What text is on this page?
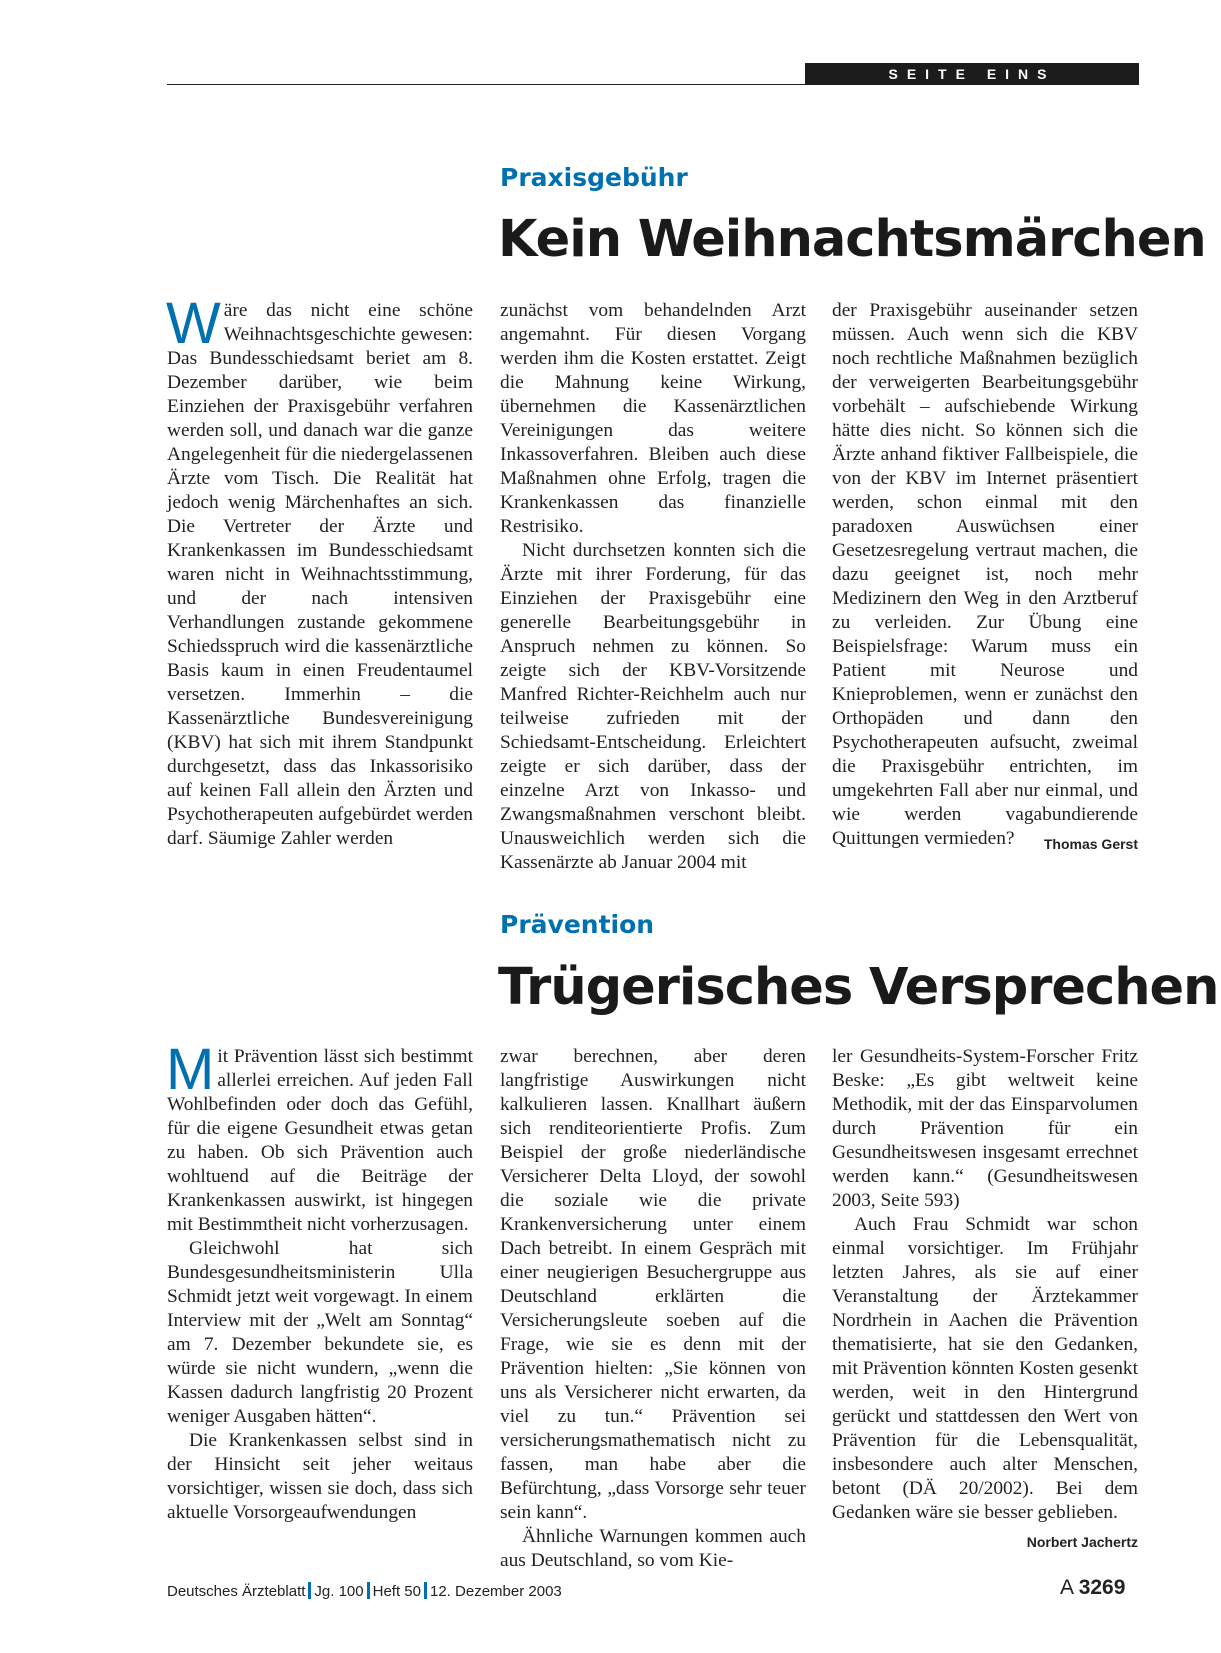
SEITE EINS
Praxisgebühr
Kein Weihnachtsmärchen

Wäre das nicht eine schöne Weihnachtsgeschichte gewesen: Das Bundesschiedsamt beriet am 8. Dezember darüber, wie beim Einziehen der Praxisgebühr verfahren werden soll, und danach war die ganze Angelegenheit für die niedergelassenen Ärzte vom Tisch. Die Realität hat jedoch wenig Märchenhaftes an sich. Die Vertreter der Ärzte und Krankenkassen im Bundesschiedsamt waren nicht in Weihnachtsstimmung, und der nach intensiven Verhandlungen zustande gekommene Schiedsspruch wird die kassenärztliche Basis kaum in einen Freudentaumel versetzen. Immerhin – die Kassenärztliche Bundesvereinigung (KBV) hat sich mit ihrem Standpunkt durchgesetzt, dass das Inkassorisiko auf keinen Fall allein den Ärzten und Psychotherapeuten aufgebürdet werden darf. Säumige Zahler werden

zunächst vom behandelnden Arzt angemahnt. Für diesen Vorgang werden ihm die Kosten erstattet. Zeigt die Mahnung keine Wirkung, übernehmen die Kassenärztlichen Vereinigungen das weitere Inkassoverfahren. Bleiben auch diese Maßnahmen ohne Erfolg, tragen die Krankenkassen das finanzielle Restrisiko.

Nicht durchsetzen konnten sich die Ärzte mit ihrer Forderung, für das Einziehen der Praxisgebühr eine generelle Bearbeitungsgebühr in Anspruch nehmen zu können. So zeigte sich der KBV-Vorsitzende Manfred Richter-Reichhelm auch nur teilweise zufrieden mit der Schiedsamt-Entscheidung. Erleichtert zeigte er sich darüber, dass der einzelne Arzt von Inkasso- und Zwangsmaßnahmen verschont bleibt. Unausweichlich werden sich die Kassenärzte ab Januar 2004 mit

der Praxisgebühr auseinander setzen müssen. Auch wenn sich die KBV noch rechtliche Maßnahmen bezüglich der verweigerten Bearbeitungsgebühr vorbehält – aufschiebende Wirkung hätte dies nicht. So können sich die Ärzte anhand fiktiver Fallbeispiele, die von der KBV im Internet präsentiert werden, schon einmal mit den paradoxen Auswüchsen einer Gesetzesregelung vertraut machen, die dazu geeignet ist, noch mehr Medizinern den Weg in den Arztberuf zu verleiden. Zur Übung eine Beispielsfrage: Warum muss ein Patient mit Neurose und Knieproblemen, wenn er zunächst den Orthopäden und dann den Psychotherapeuten aufsucht, zweimal die Praxisgebühr entrichten, im umgekehrten Fall aber nur einmal, und wie werden vagabundierende Quittungen vermieden? Thomas Gerst

Prävention
Trügerisches Versprechen

Mit Prävention lässt sich bestimmt allerlei erreichen. Auf jeden Fall Wohlbefinden oder doch das Gefühl, für die eigene Gesundheit etwas getan zu haben. Ob sich Prävention auch wohltuend auf die Beiträge der Krankenkassen auswirkt, ist hingegen mit Bestimmtheit nicht vorherzusagen.

Gleichwohl hat sich Bundesgesundheitsministerin Ulla Schmidt jetzt weit vorgewagt. In einem Interview mit der „Welt am Sonntag“ am 7. Dezember bekundete sie, es würde sie nicht wundern, „wenn die Kassen dadurch langfristig 20 Prozent weniger Ausgaben hätten“.

Die Krankenkassen selbst sind in der Hinsicht seit jeher weitaus vorsichtiger, wissen sie doch, dass sich aktuelle Vorsorgeaufwendungen

zwar berechnen, aber deren langfristige Auswirkungen nicht kalkulieren lassen. Knallhart äußern sich renditeorientierte Profis. Zum Beispiel der große niederländische Versicherer Delta Lloyd, der sowohl die soziale wie die private Krankenversicherung unter einem Dach betreibt. In einem Gespräch mit einer neugierigen Besuchergruppe aus Deutschland erklärten die Versicherungsleute soeben auf die Frage, wie sie es denn mit der Prävention hielten: „Sie können von uns als Versicherer nicht erwarten, da viel zu tun.“ Prävention sei versicherungsmathematisch nicht zu fassen, man habe aber die Befürchtung, „dass Vorsorge sehr teuer sein kann“.

Ähnliche Warnungen kommen auch aus Deutschland, so vom Kie-

ler Gesundheits-System-Forscher Fritz Beske: „Es gibt weltweit keine Methodik, mit der das Einsparvolumen durch Prävention für ein Gesundheitswesen insgesamt errechnet werden kann.“ (Gesundheitswesen 2003, Seite 593)

Auch Frau Schmidt war schon einmal vorsichtiger. Im Frühjahr letzten Jahres, als sie auf einer Veranstaltung der Ärztekammer Nordrhein in Aachen die Prävention thematisierte, hat sie den Gedanken, mit Prävention könnten Kosten gesenkt werden, weit in den Hintergrund gerückt und stattdessen den Wert von Prävention für die Lebensqualität, insbesondere auch alter Menschen, betont (DÄ 20/2002). Bei dem Gedanken wäre sie besser geblieben.
Norbert Jachertz

Deutsches Ärzteblatt Jg. 100 Heft 50 12. Dezember 2003	A 3269
